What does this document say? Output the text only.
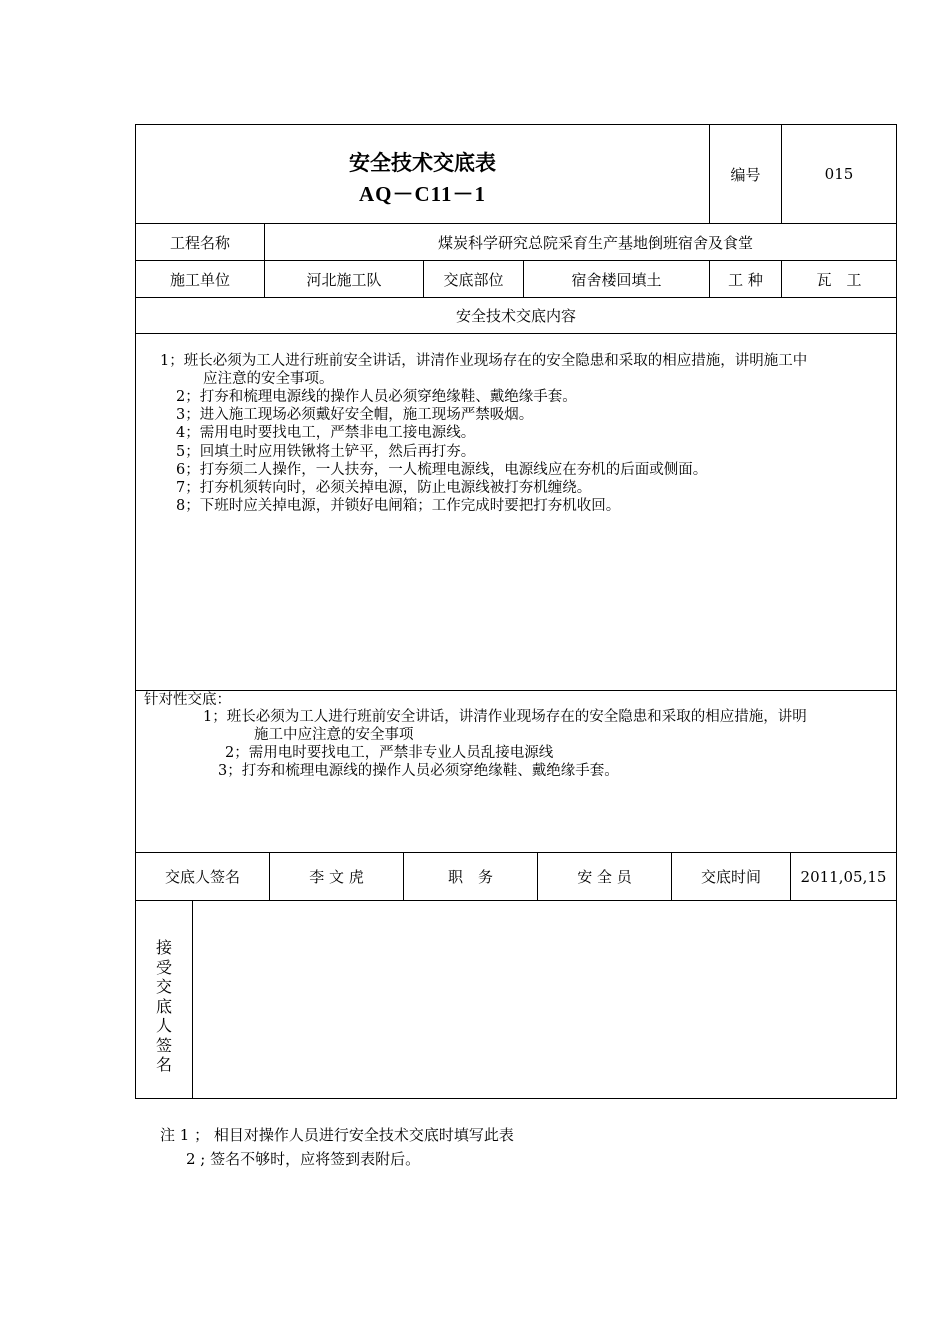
安全技术交底表
AQ－C11－1
编号	015
工程名称	煤炭科学研究总院采育生产基地倒班宿舍及食堂
施工单位	河北施工队	交底部位	宿舍楼回填土	工 种	瓦　工
安全技术交底内容
1；班长必须为工人进行班前安全讲话，讲清作业现场存在的安全隐患和采取的相应措施，讲明施工中
应注意的安全事项。
2；打夯和梳理电源线的操作人员必须穿绝缘鞋、戴绝缘手套。
3；进入施工现场必须戴好安全帽，施工现场严禁吸烟。
4；需用电时要找电工，严禁非电工接电源线。
5；回填土时应用铁锹将土铲平，然后再打夯。
6；打夯须二人操作，一人扶夯，一人梳理电源线，电源线应在夯机的后面或侧面。
7；打夯机须转向时，必须关掉电源，防止电源线被打夯机缠绕。
8；下班时应关掉电源，并锁好电闸箱；工作完成时要把打夯机收回。
针对性交底：
1；班长必须为工人进行班前安全讲话，讲清作业现场存在的安全隐患和采取的相应措施，讲明
施工中应注意的安全事项
2；需用电时要找电工，严禁非专业人员乱接电源线
3；打夯和梳理电源线的操作人员必须穿绝缘鞋、戴绝缘手套。
交底人签名	李 文 虎	职　务	安 全 员	交底时间	2011,05,15
接受交底人签名
注 1 ； 相目对操作人员进行安全技术交底时填写此表
2 ; 签名不够时，应将签到表附后。
